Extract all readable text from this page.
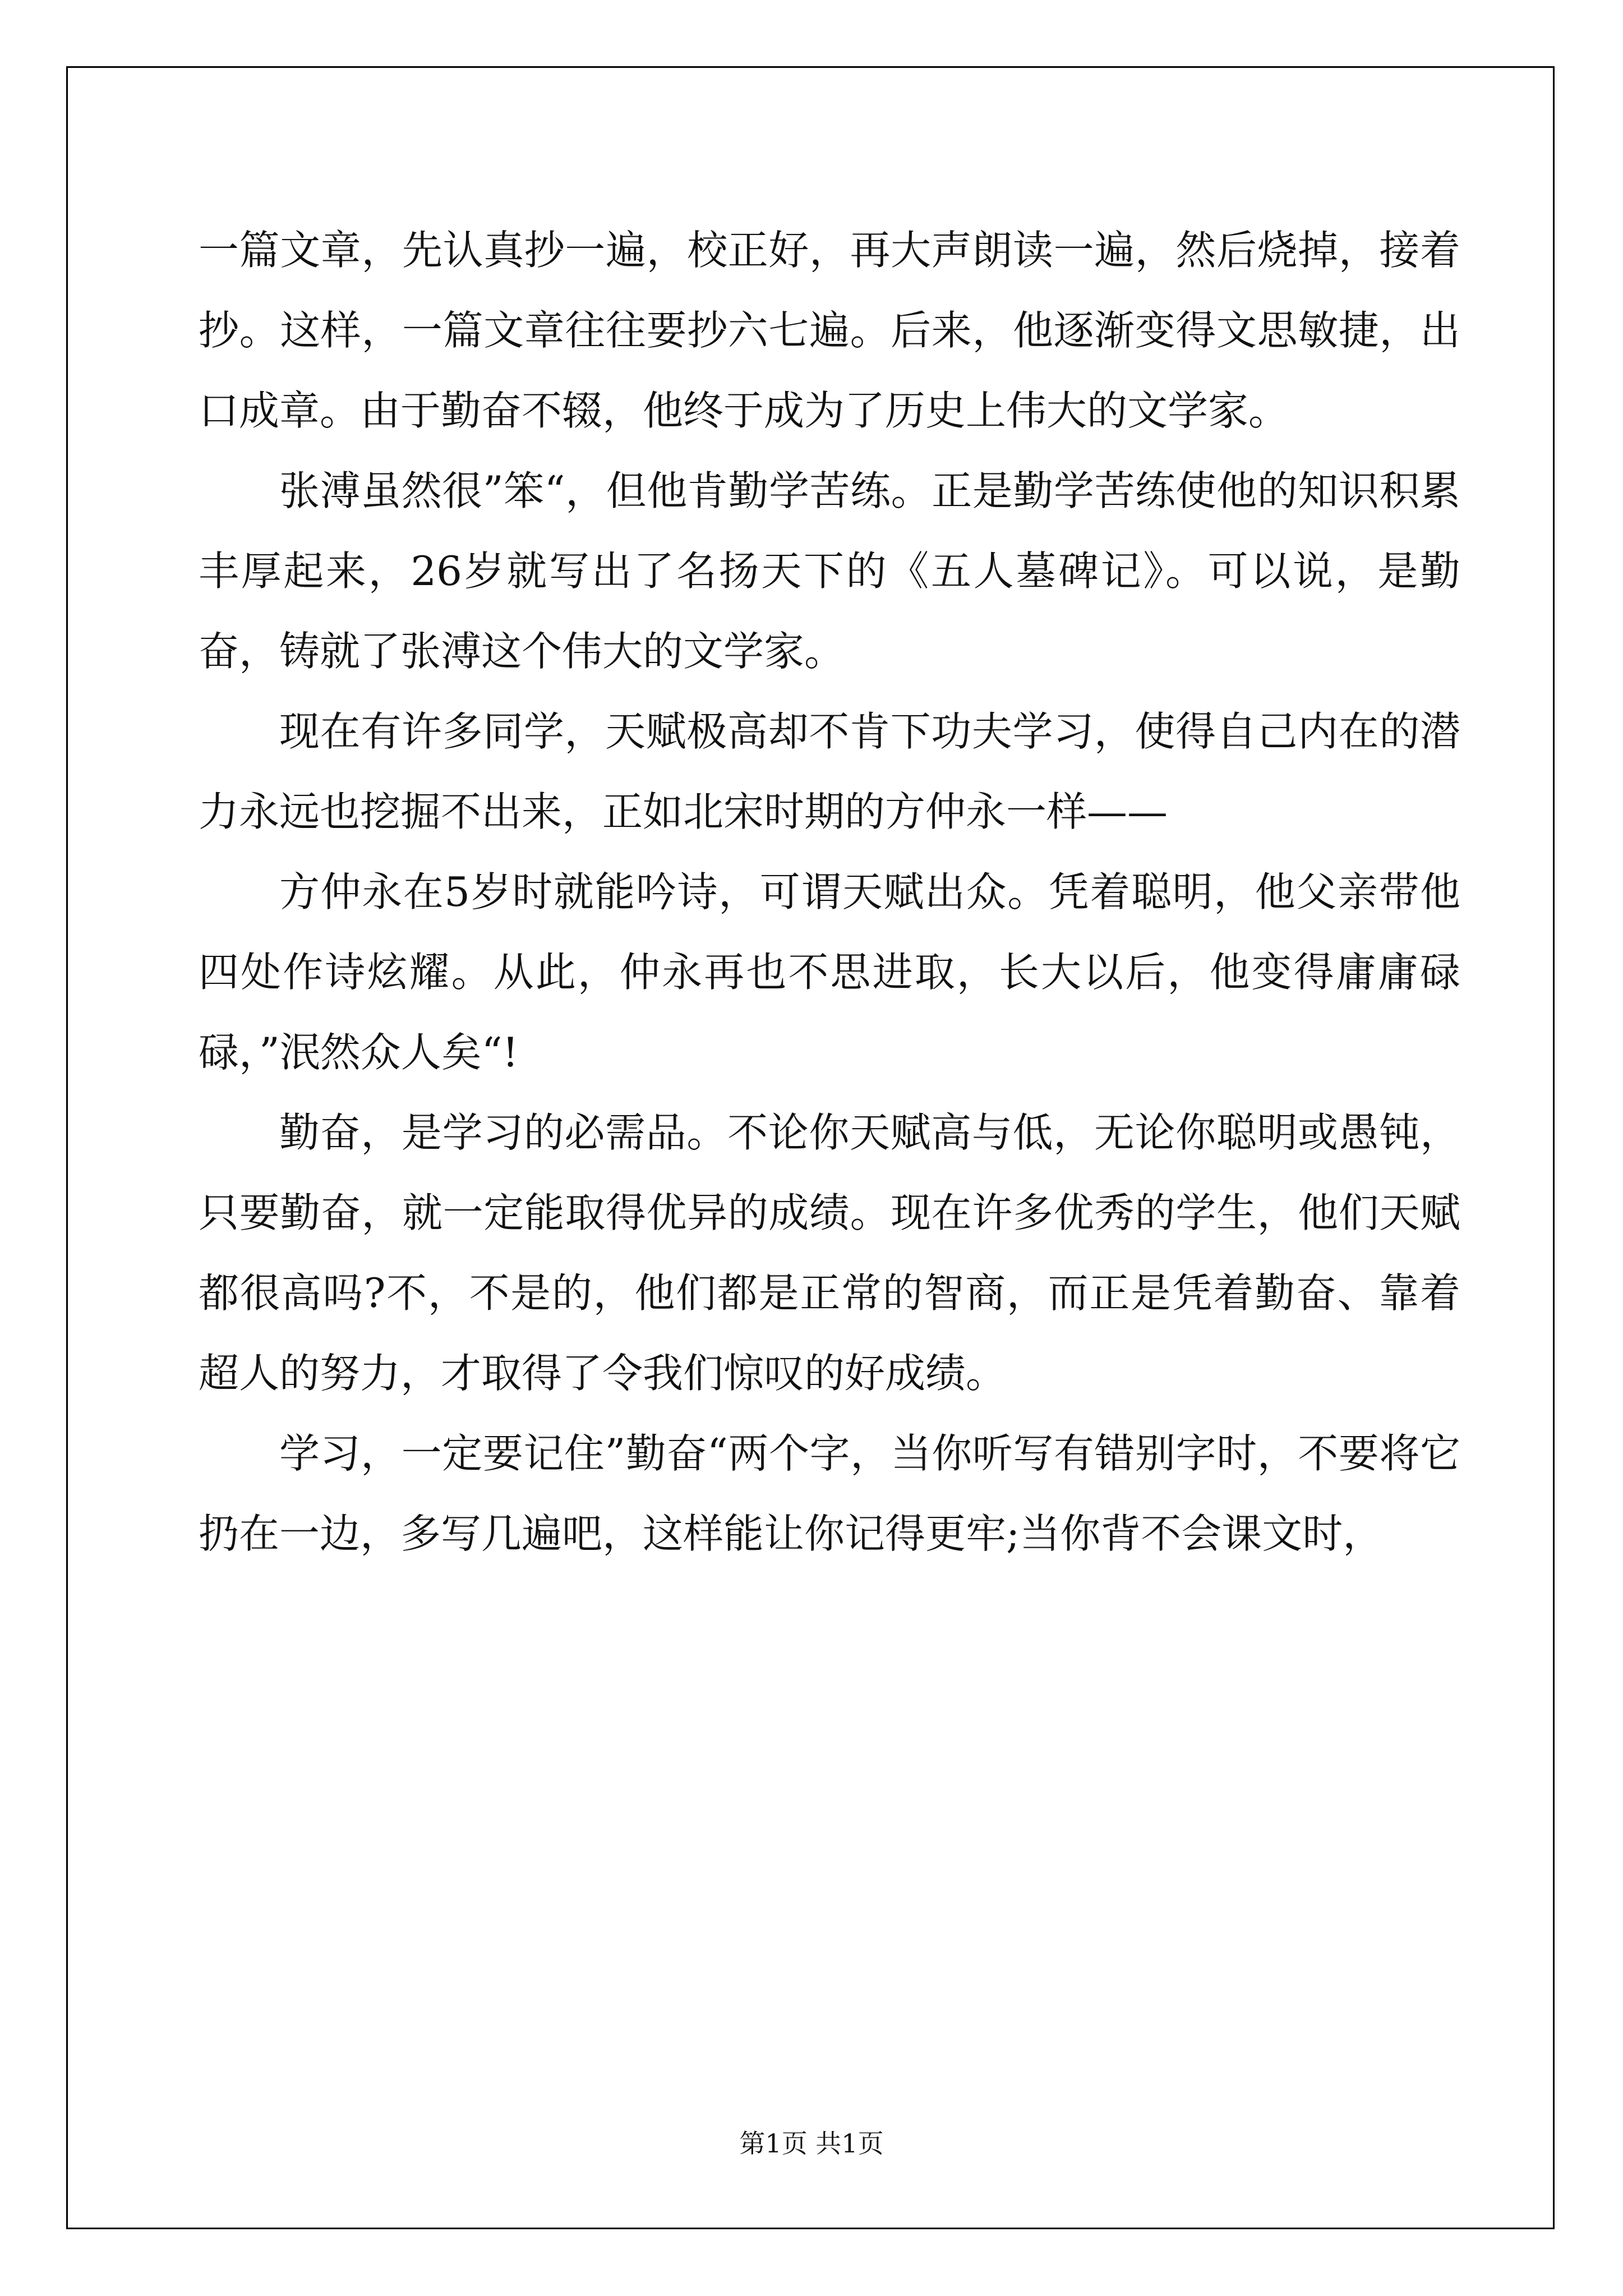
一篇文章，先认真抄一遍，校正好，再大声朗读一遍，然后烧掉，接着抄。这样，一篇文章往往要抄六七遍。后来，他逐渐变得文思敏捷，出口成章。由于勤奋不辍，他终于成为了历史上伟大的文学家。

张溥虽然很”笨“，但他肯勤学苦练。正是勤学苦练使他的知识积累丰厚起来，26岁就写出了名扬天下的《五人墓碑记》。可以说，是勤奋，铸就了张溥这个伟大的文学家。

现在有许多同学，天赋极高却不肯下功夫学习，使得自己内在的潜力永远也挖掘不出来，正如北宋时期的方仲永一样——

方仲永在5岁时就能吟诗，可谓天赋出众。凭着聪明，他父亲带他四处作诗炫耀。从此，仲永再也不思进取，长大以后，他变得庸庸碌碌，”泯然众人矣“!

勤奋，是学习的必需品。不论你天赋高与低，无论你聪明或愚钝，只要勤奋，就一定能取得优异的成绩。现在许多优秀的学生，他们天赋都很高吗?不，不是的，他们都是正常的智商，而正是凭着勤奋、靠着超人的努力，才取得了令我们惊叹的好成绩。

学习，一定要记住”勤奋“两个字，当你听写有错别字时，不要将它扔在一边，多写几遍吧，这样能让你记得更牢;当你背不会课文时，

第1页 共1页
